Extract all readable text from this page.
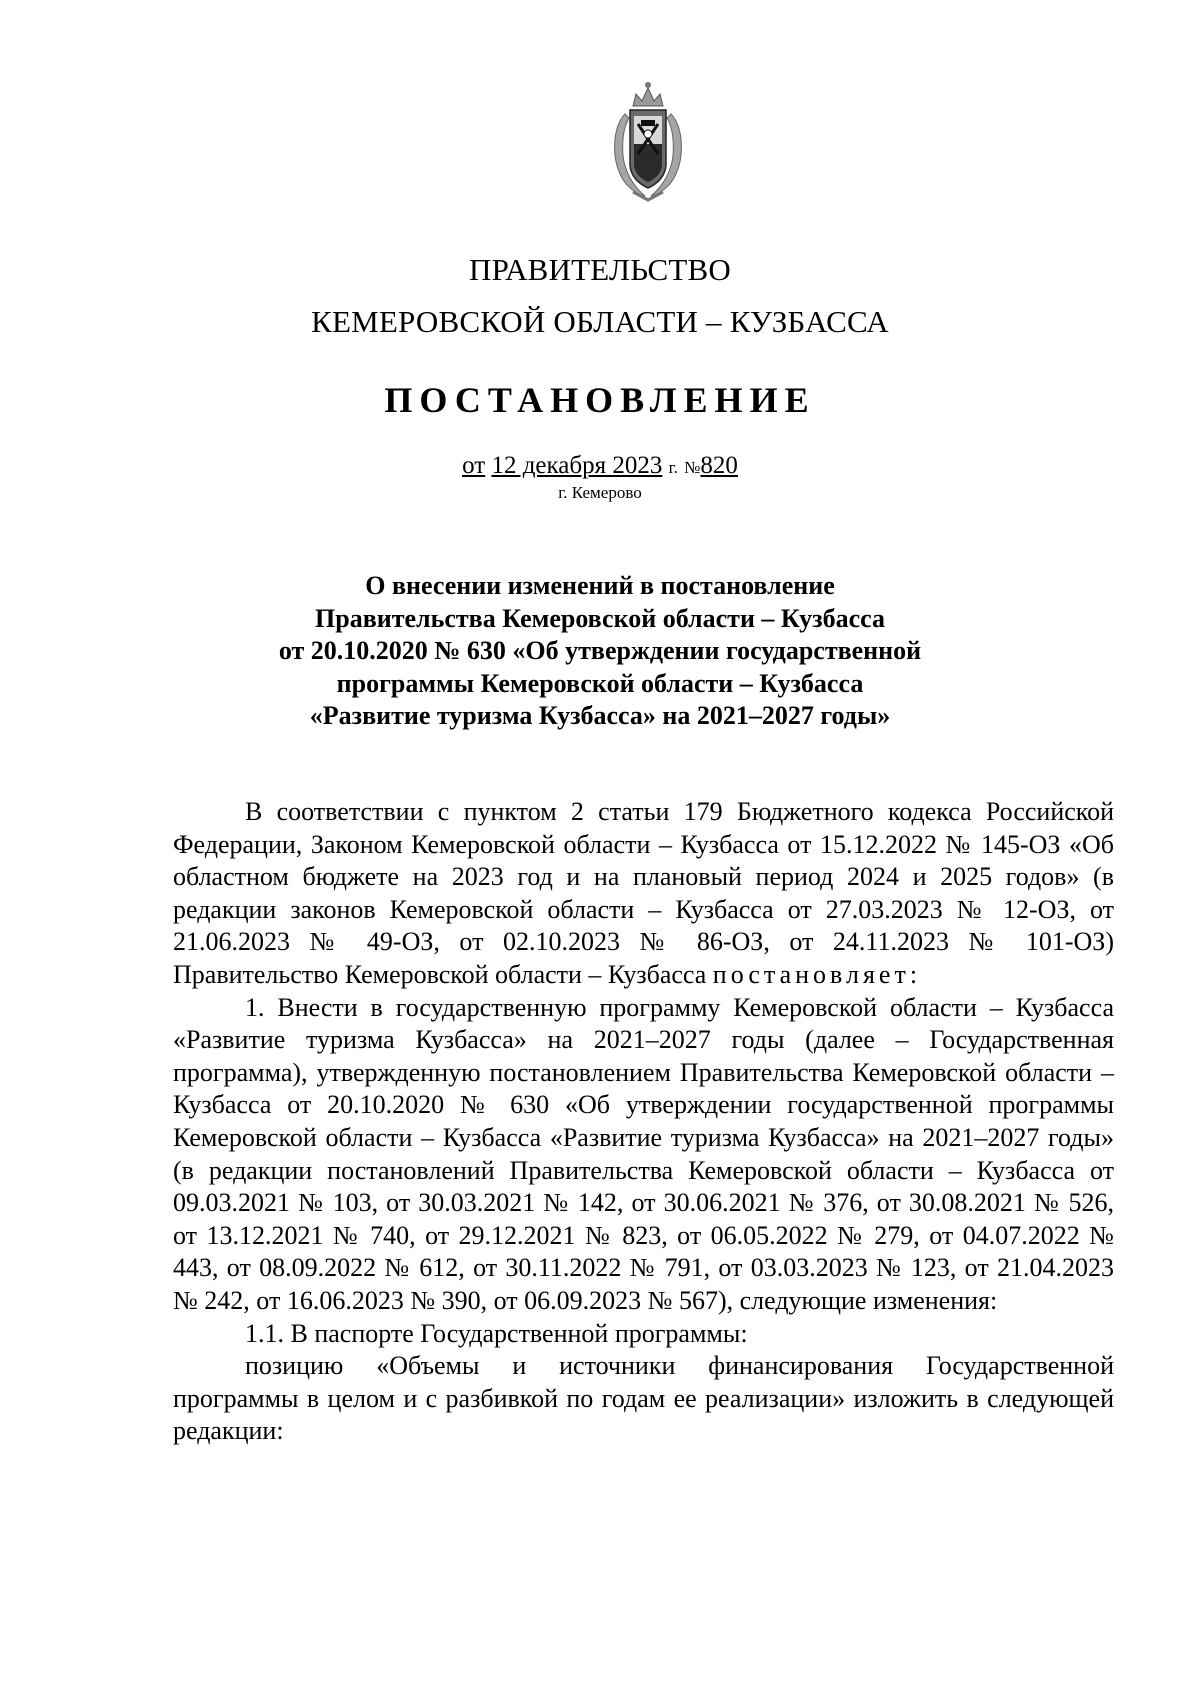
ПРАВИТЕЛЬСТВО
КЕМЕРОВСКОЙ ОБЛАСТИ – КУЗБАССА
ПОСТАНОВЛЕНИЕ
от 12 декабря 2023 г. №820
г. Кемерово
О внесении изменений в постановление
Правительства Кемеровской области – Кузбасса
от 20.10.2020 № 630 «Об утверждении государственной
программы Кемеровской области – Кузбасса
«Развитие туризма Кузбасса» на 2021–2027 годы»

В соответствии с пунктом 2 статьи 179 Бюджетного кодекса Российской Федерации, Законом Кемеровской области – Кузбасса от 15.12.2022 № 145-ОЗ «Об областном бюджете на 2023 год и на плановый период 2024 и 2025 годов» (в редакции законов Кемеровской области – Кузбасса от 27.03.2023 № 12-ОЗ, от 21.06.2023 № 49-ОЗ, от 02.10.2023 № 86-ОЗ, от 24.11.2023 № 101-ОЗ) Правительство Кемеровской области – Кузбасса постановляет:

1. Внести в государственную программу Кемеровской области – Кузбасса «Развитие туризма Кузбасса» на 2021–2027 годы (далее – Государственная программа), утвержденную постановлением Правительства Кемеровской области – Кузбасса от 20.10.2020 № 630 «Об утверждении государственной программы Кемеровской области – Кузбасса «Развитие туризма Кузбасса» на 2021–2027 годы» (в редакции постановлений Правительства Кемеровской области – Кузбасса от 09.03.2021 № 103, от 30.03.2021 № 142, от 30.06.2021 № 376, от 30.08.2021 № 526, от 13.12.2021 № 740, от 29.12.2021 № 823, от 06.05.2022 № 279, от 04.07.2022 № 443, от 08.09.2022 № 612, от 30.11.2022 № 791, от 03.03.2023 № 123, от 21.04.2023 № 242, от 16.06.2023 № 390, от 06.09.2023 № 567), следующие изменения:

1.1. В паспорте Государственной программы:

позицию «Объемы и источники финансирования Государственной программы в целом и с разбивкой по годам ее реализации» изложить в следующей редакции:
